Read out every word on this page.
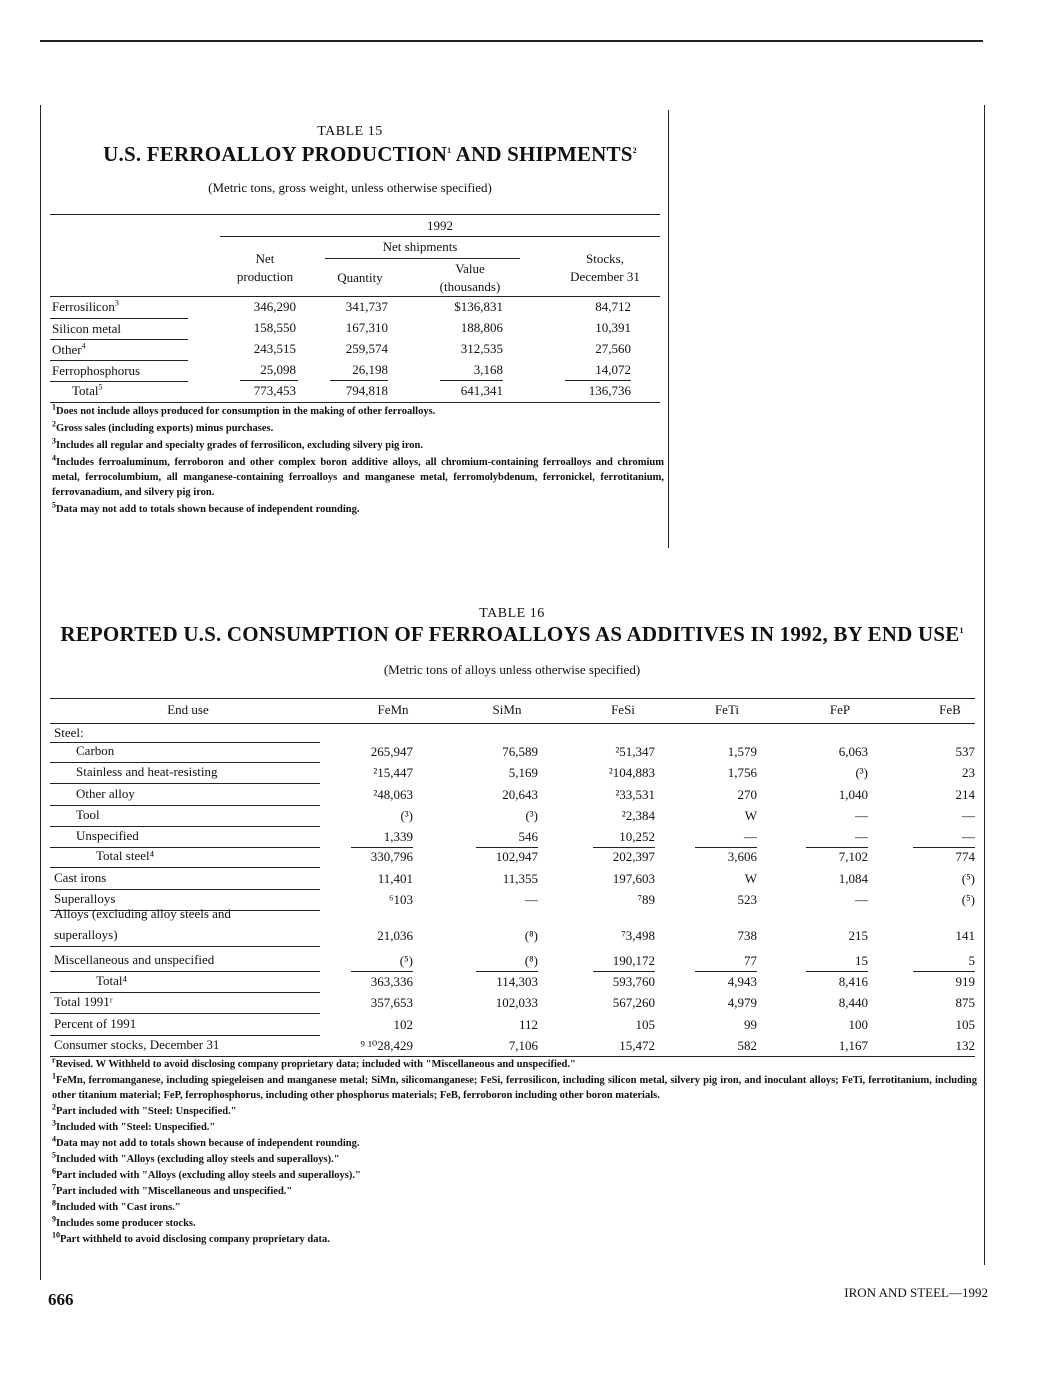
TABLE 15
U.S. FERROALLOY PRODUCTION$^1$ AND SHIPMENTS$^2$
(Metric tons, gross weight, unless otherwise specified)
1992
Net
production
Net shipments
Quantity
Value
(thousands)
Stocks,
December 31
Ferrosilicon$^3$	346,290	341,737	$136,831	84,712
Silicon metal	158,550	167,310	188,806	10,391
Other$^4$	243,515	259,574	312,535	27,560
Ferrophosphorus	25,098	26,198	3,168	14,072
Total$^5$	773,453	794,818	641,341	136,736
$^1$Does not include alloys produced for consumption in the making of other ferroalloys.
$^2$Gross sales (including exports) minus purchases.
$^3$Includes all regular and specialty grades of ferrosilicon, excluding silvery pig iron.
$^4$Includes ferroaluminum, ferroboron and other complex boron additive alloys, all chromium-containing ferroalloys and chromium metal, ferrocolumbium, all manganese-containing ferroalloys and manganese metal, ferromolybdenum, ferronickel, ferrotitanium, ferrovanadium, and silvery pig iron.
$^5$Data may not add to totals shown because of independent rounding.
TABLE 16
REPORTED U.S. CONSUMPTION OF FERROALLOYS AS ADDITIVES IN 1992, BY END USE$^1$
(Metric tons of alloys unless otherwise specified)
End use	FeMn	SiMn	FeSi	FeTi	FeP	FeB
Steel:
Carbon	265,947	76,589	²51,347	1,579	6,063	537
Stainless and heat-resisting	²15,447	5,169	²104,883	1,756	(³)	23
Other alloy	²48,063	20,643	²33,531	270	1,040	214
Tool	(³)	(³)	²2,384	W	—	—
Unspecified	1,339	546	10,252	—	—	—
Total steel⁴	330,796	102,947	202,397	3,606	7,102	774
Cast irons	11,401	11,355	197,603	W	1,084	(⁵)
Superalloys	⁶103	—	⁷89	523	—	(⁵)
Alloys (excluding alloy steels and
superalloys)	21,036	(⁸)	⁷3,498	738	215	141
Miscellaneous and unspecified	(⁵)	(⁸)	190,172	77	15	5
Total⁴	363,336	114,303	593,760	4,943	8,416	919
Total 1991ʳ	357,653	102,033	567,260	4,979	8,440	875
Percent of 1991	102	112	105	99	100	105
Consumer stocks, December 31	⁹ ¹⁰28,429	7,106	15,472	582	1,167	132
$^r$Revised. W Withheld to avoid disclosing company proprietary data; included with "Miscellaneous and unspecified."
$^1$FeMn, ferromanganese, including spiegeleisen and manganese metal; SiMn, silicomanganese; FeSi, ferrosilicon, including silicon metal, silvery pig iron, and inoculant alloys; FeTi, ferrotitanium, including other titanium material; FeP, ferrophosphorus, including other phosphorus materials; FeB, ferroboron including other boron materials.
$^2$Part included with "Steel: Unspecified."
$^3$Included with "Steel: Unspecified."
$^4$Data may not add to totals shown because of independent rounding.
$^5$Included with "Alloys (excluding alloy steels and superalloys)."
$^6$Part included with "Alloys (excluding alloy steels and superalloys)."
$^7$Part included with "Miscellaneous and unspecified."
$^8$Included with "Cast irons."
$^9$Includes some producer stocks.
$^{10}$Part withheld to avoid disclosing company proprietary data.
666	IRON AND STEEL—1992
